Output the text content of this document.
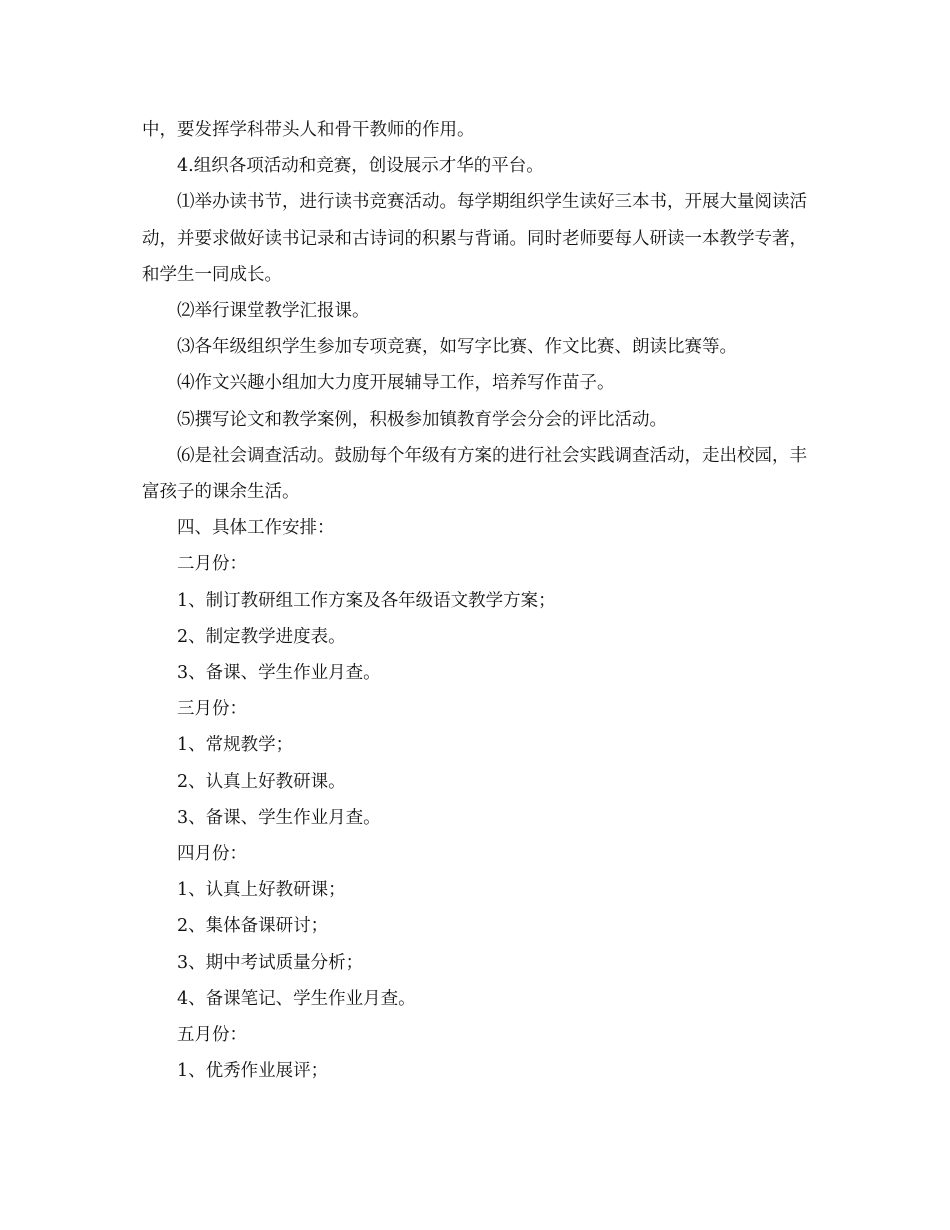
中，要发挥学科带头人和骨干教师的作用。

4.组织各项活动和竞赛，创设展示才华的平台。

⑴举办读书节，进行读书竞赛活动。每学期组织学生读好三本书，开展大量阅读活动，并要求做好读书记录和古诗词的积累与背诵。同时老师要每人研读一本教学专著，和学生一同成长。

⑵举行课堂教学汇报课。

⑶各年级组织学生参加专项竞赛，如写字比赛、作文比赛、朗读比赛等。

⑷作文兴趣小组加大力度开展辅导工作，培养写作苗子。

⑸撰写论文和教学案例，积极参加镇教育学会分会的评比活动。

⑹是社会调查活动。鼓励每个年级有方案的进行社会实践调查活动，走出校园，丰富孩子的课余生活。

四、具体工作安排：

二月份：

1、制订教研组工作方案及各年级语文教学方案；

2、制定教学进度表。

3、备课、学生作业月查。

三月份：

1、常规教学；

2、认真上好教研课。

3、备课、学生作业月查。

四月份：

1、认真上好教研课；

2、集体备课研讨；

3、期中考试质量分析；

4、备课笔记、学生作业月查。

五月份：

1、优秀作业展评；
